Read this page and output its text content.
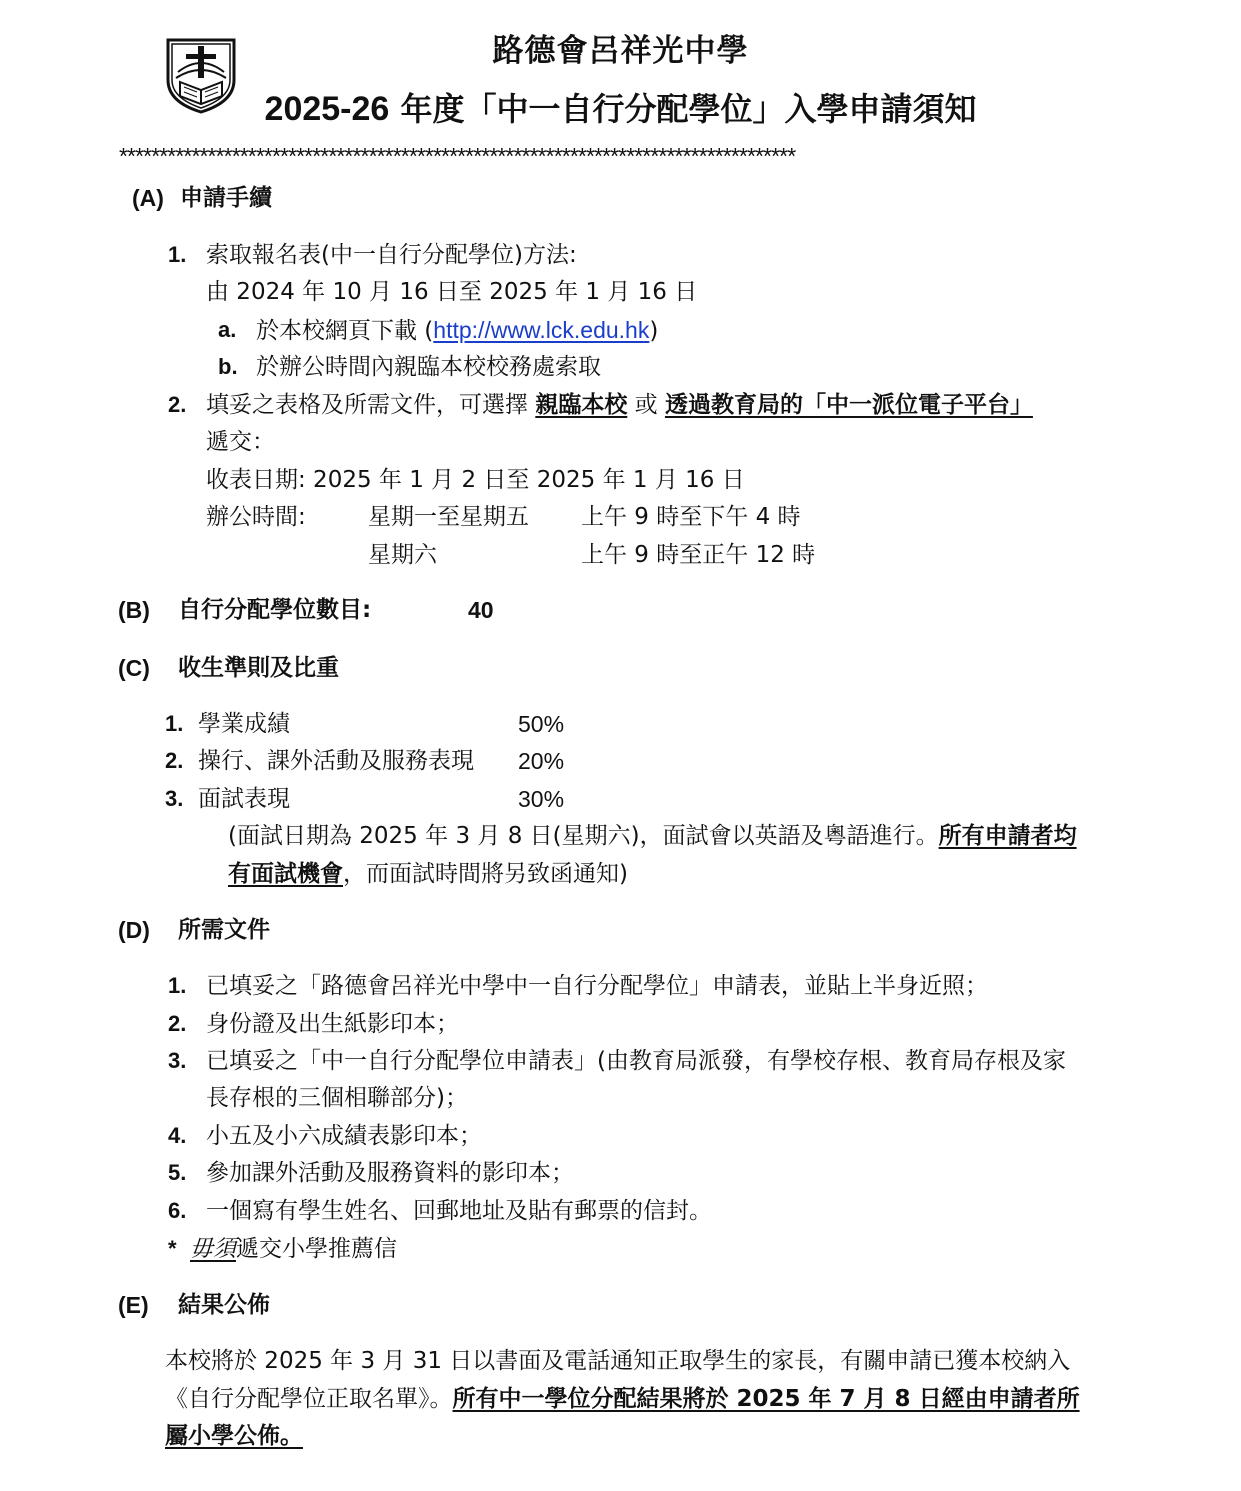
路德會呂祥光中學
2025-26 年度「中一自行分配學位」入學申請須知
************************************************************************************
(A) 申請手續
1. 索取報名表(中一自行分配學位)方法:
由 2024 年 10 月 16 日至 2025 年 1 月 16 日
a. 於本校網頁下載 (http://www.lck.edu.hk)
b. 於辦公時間內親臨本校校務處索取
2. 填妥之表格及所需文件，可選擇 親臨本校 或 透過教育局的「中一派位電子平台」
遞交：
收表日期: 2025 年 1 月 2 日至 2025 年 1 月 16 日
辦公時間:	星期一至星期五 上午 9 時至下午 4 時
星期六	上午 9 時至正午 12 時
(B) 自行分配學位數目:	40
(C) 收生準則及比重
1. 學業成績	50%
2. 操行、課外活動及服務表現 20%
3. 面試表現	30%
(面試日期為 2025 年 3 月 8 日(星期六)，面試會以英語及粵語進行。所有申請者均
有面試機會，而面試時間將另致函通知)
(D) 所需文件
1. 已填妥之「路德會呂祥光中學中一自行分配學位」申請表，並貼上半身近照；
2. 身份證及出生紙影印本；
3. 已填妥之「中一自行分配學位申請表」(由教育局派發，有學校存根、教育局存根及家
長存根的三個相聯部分)；
4. 小五及小六成績表影印本；
5. 參加課外活動及服務資料的影印本；
6. 一個寫有學生姓名、回郵地址及貼有郵票的信封。
* 毋須遞交小學推薦信
(E) 結果公佈
本校將於 2025 年 3 月 31 日以書面及電話通知正取學生的家長，有關申請已獲本校納入
《自行分配學位正取名單》。所有中一學位分配結果將於 2025 年 7 月 8 日經由申請者所
屬小學公佈。
